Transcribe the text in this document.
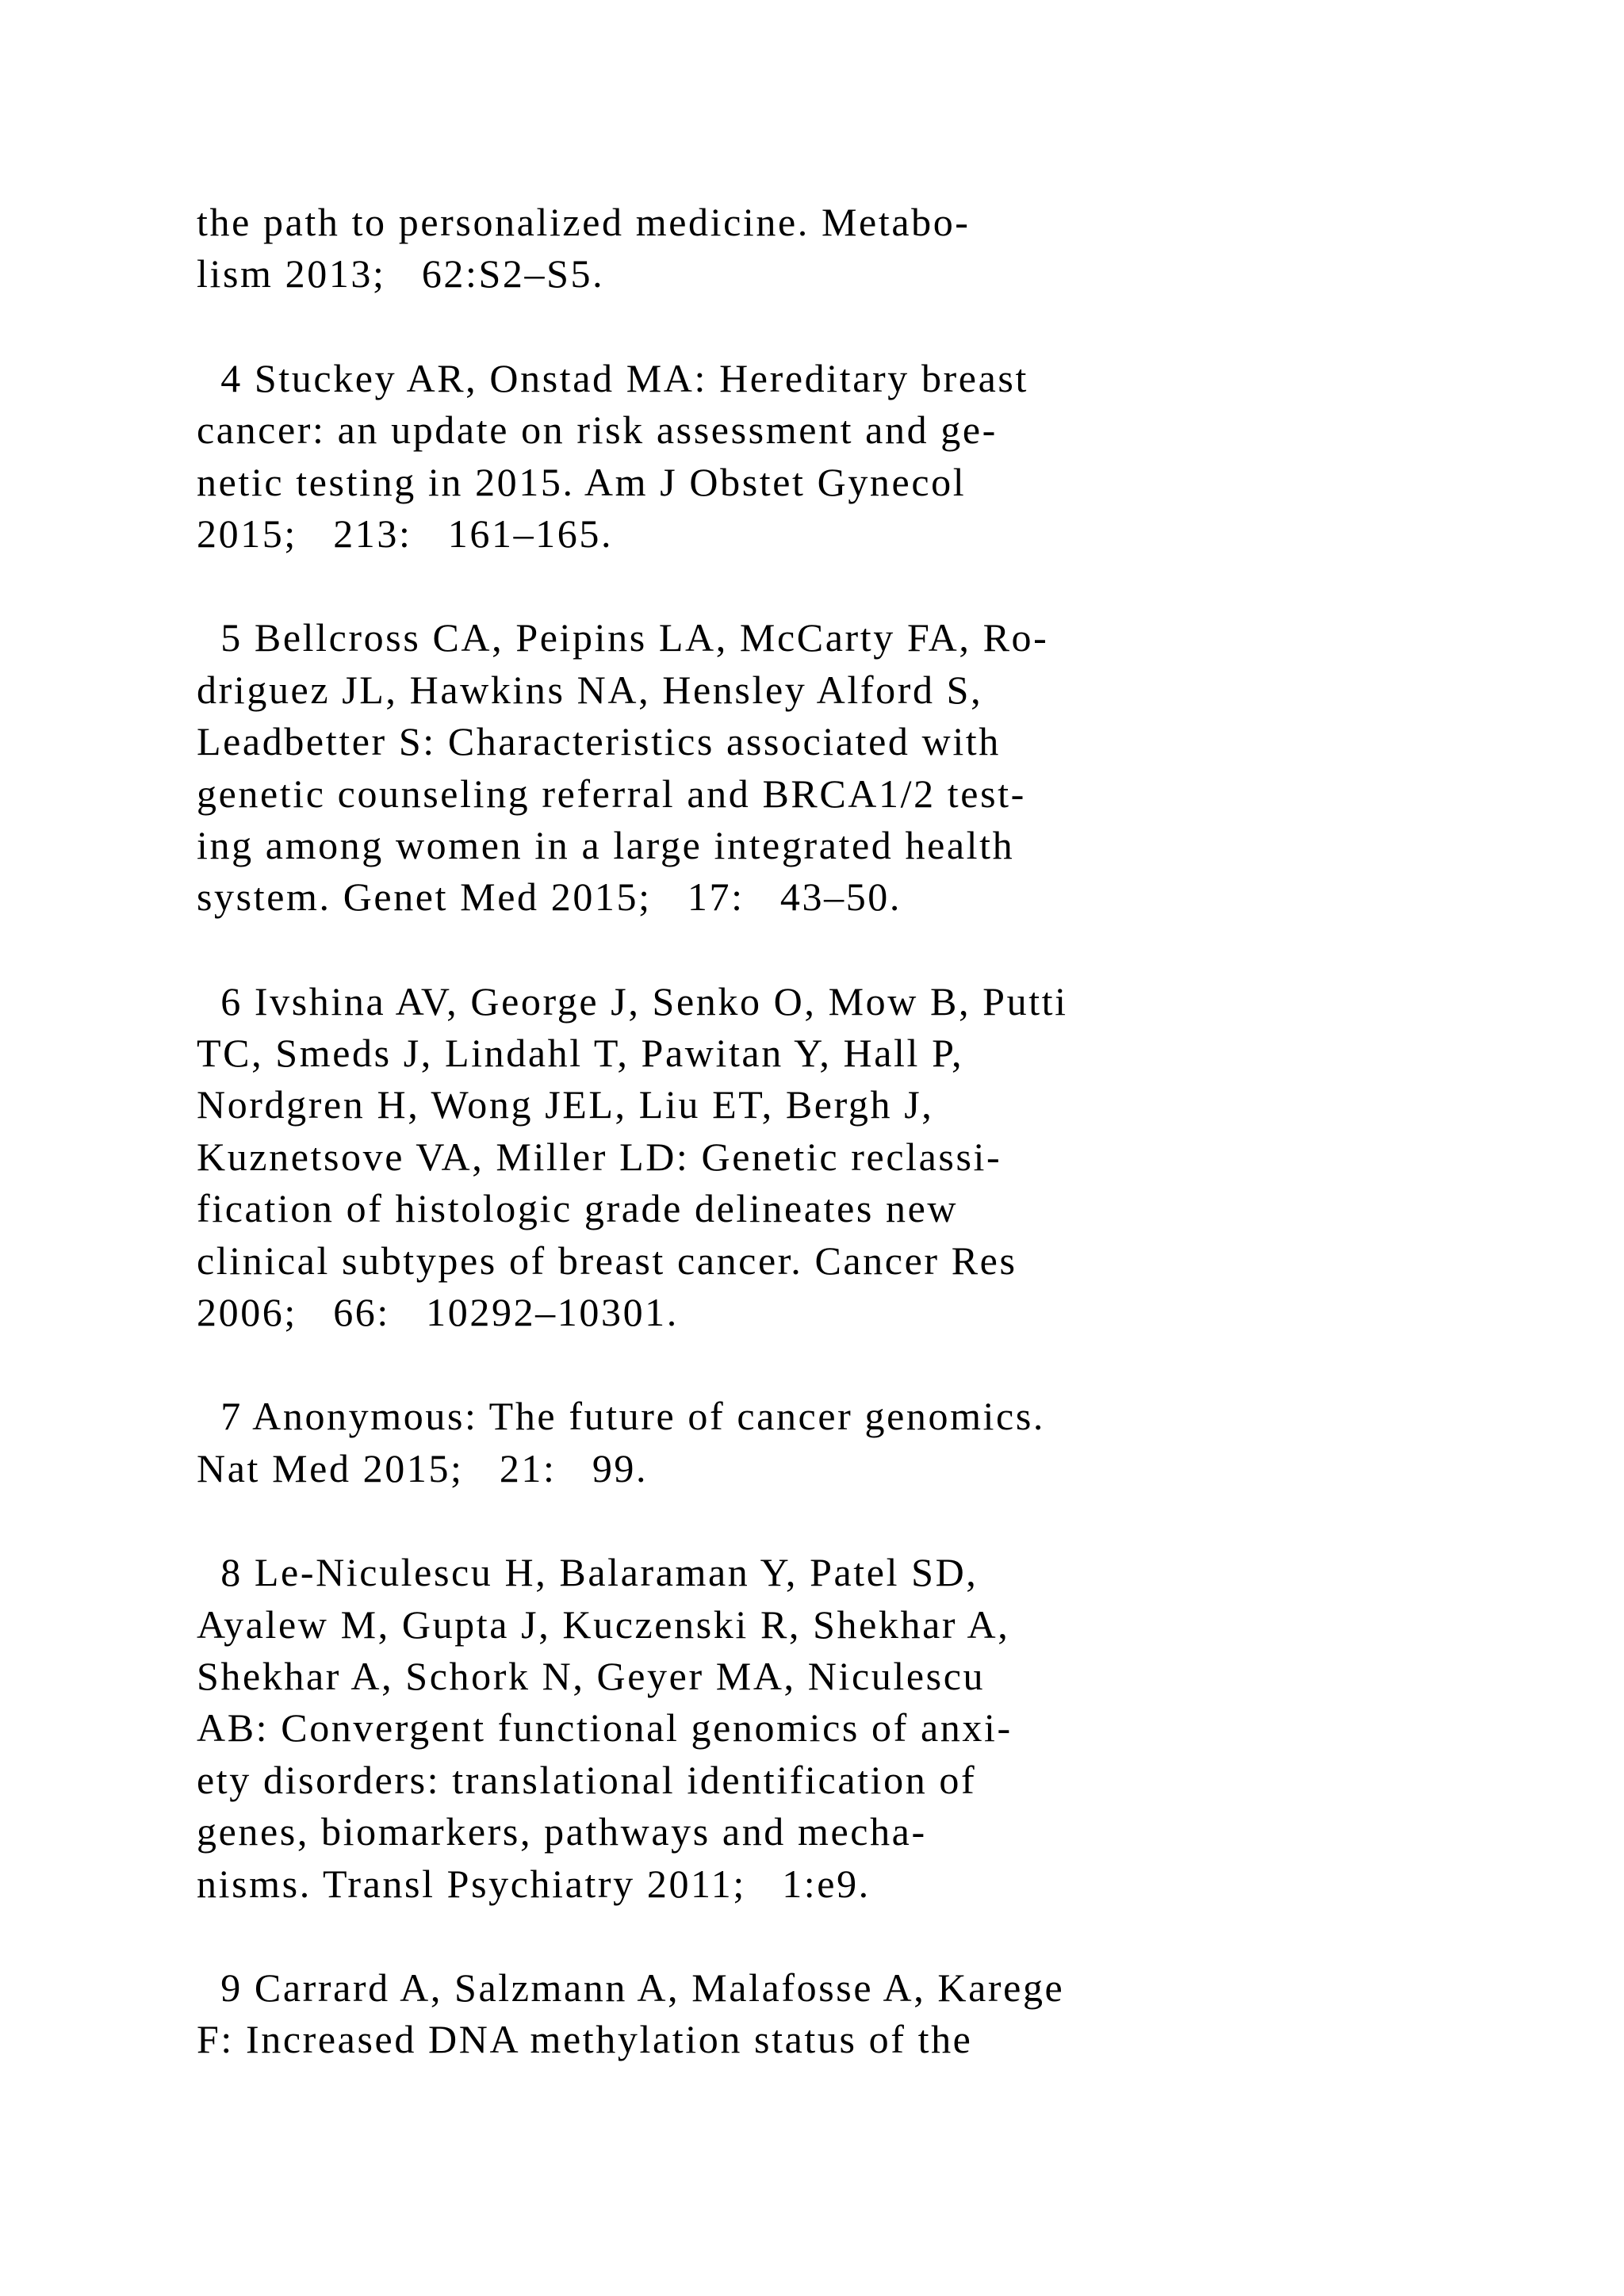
the path to personalized medicine. Metabo-
lism 2013;   62:S2–S5.
4 Stuckey AR, Onstad MA: Hereditary breast
cancer: an update on risk assessment and ge-
netic testing in 2015. Am J Obstet Gynecol
2015;   213:   161–165.
5 Bellcross CA, Peipins LA, McCarty FA, Ro-
driguez JL, Hawkins NA, Hensley Alford S,
Leadbetter S: Characteristics associated with
genetic counseling referral and BRCA1/2 test-
ing among women in a large integrated health
system. Genet Med 2015;   17:   43–50.
6 Ivshina AV, George J, Senko O, Mow B, Putti
TC, Smeds J, Lindahl T, Pawitan Y, Hall P,
Nordgren H, Wong JEL, Liu ET, Bergh J,
Kuznetsove VA, Miller LD: Genetic reclassi-
fication of histologic grade delineates new
clinical subtypes of breast cancer. Cancer Res
2006;   66:   10292–10301.
7 Anonymous: The future of cancer genomics.
Nat Med 2015;   21:   99.
8 Le-Niculescu H, Balaraman Y, Patel SD,
Ayalew M, Gupta J, Kuczenski R, Shekhar A,
Shekhar A, Schork N, Geyer MA, Niculescu
AB: Convergent functional genomics of anxi-
ety disorders: translational identification of
genes, biomarkers, pathways and mecha-
nisms. Transl Psychiatry 2011;   1:e9.
9 Carrard A, Salzmann A, Malafosse A, Karege
F: Increased DNA methylation status of the
